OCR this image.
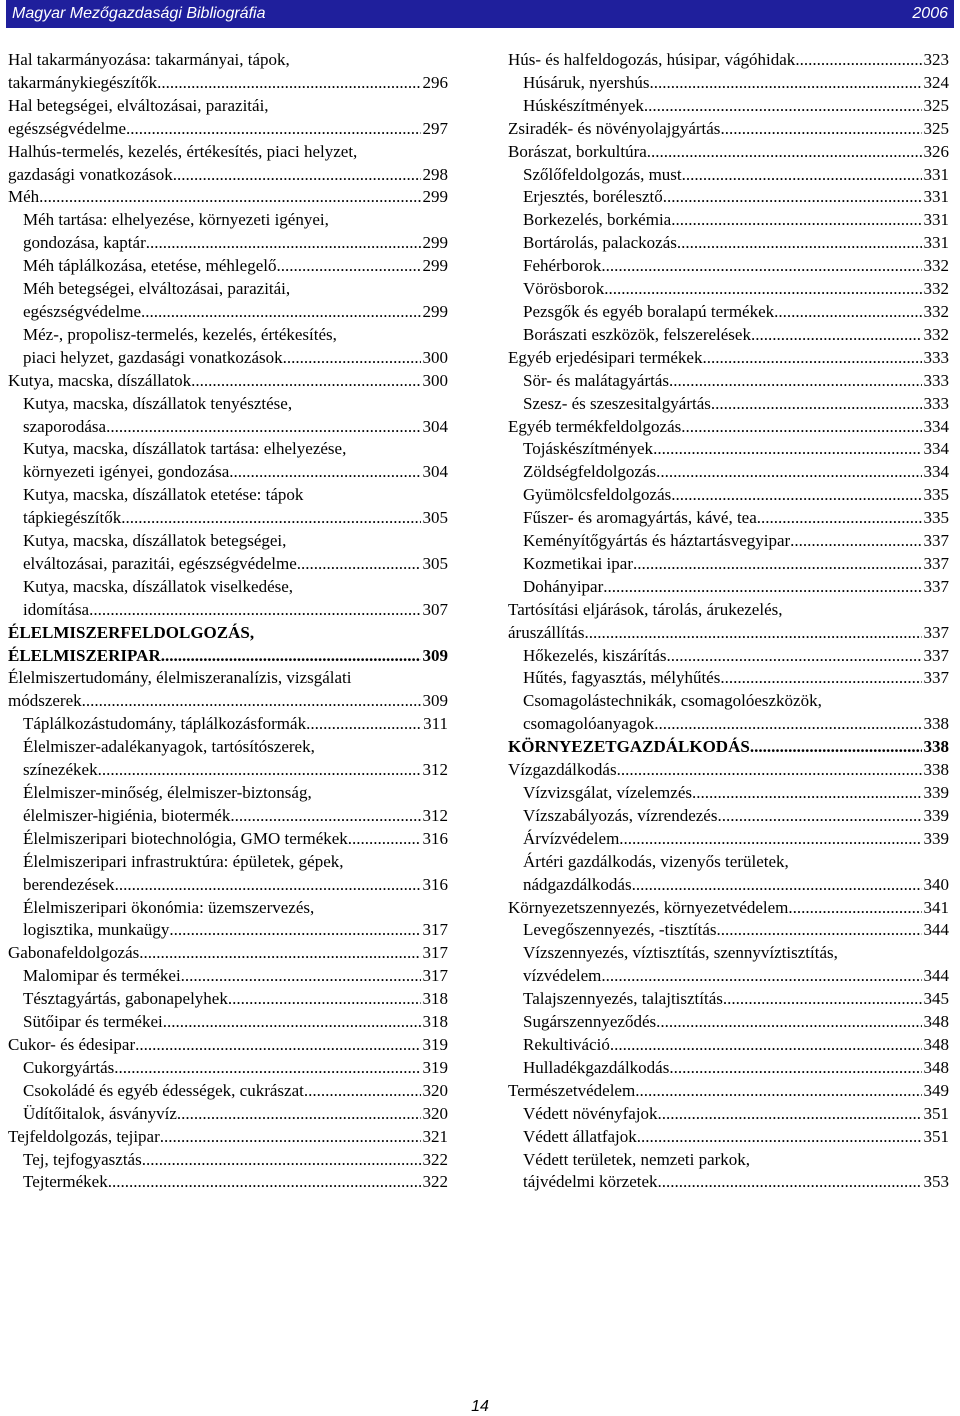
Magyar Mezőgazdasági Bibliográfia	2006
Hal takarmányozása: takarmányai, tápok,
takarmánykiegészítők .....	296
Hal betegségei, elváltozásai, parazitái,
egészségvédelme .....	297
Halhús-termelés, kezelés, értékesítés, piaci helyzet,
gazdasági vonatkozások .....	298
Méh .....	299
Méh tartása: elhelyezése, környezeti igényei,
gondozása, kaptár .....	299
Méh táplálkozása, etetése, méhlegelő .....	299
Méh betegségei, elváltozásai, parazitái,
egészségvédelme .....	299
Méz-, propolisz-termelés, kezelés, értékesítés,
piaci helyzet, gazdasági vonatkozások .....	300
Kutya, macska, díszállatok .....	300
Kutya, macska, díszállatok tenyésztése,
szaporodása .....	304
Kutya, macska, díszállatok tartása: elhelyezése,
környezeti igényei, gondozása .....	304
Kutya, macska, díszállatok etetése: tápok
tápkiegészítők .....	305
Kutya, macska, díszállatok betegségei,
elváltozásai, parazitái, egészségvédelme .....	305
Kutya, macska, díszállatok viselkedése,
idomítása .....	307
ÉLELMISZERFELDOLGOZÁS,
ÉLELMISZERIPAR .....	309
Élelmiszertudomány, élelmiszeranalízis, vizsgálati
módszerek .....	309
Táplálkozástudomány, táplálkozásformák .....	311
Élelmiszer-adalékanyagok, tartósítószerek,
színezékek .....	312
Élelmiszer-minőség, élelmiszer-biztonság,
élelmiszer-higiénia, biotermék .....	312
Élelmiszeripari biotechnológia, GMO termékek .....	316
Élelmiszeripari infrastruktúra: épületek, gépek,
berendezések .....	316
Élelmiszeripari ökonómia: üzemszervezés,
logisztika, munkaügy .....	317
Gabonafeldolgozás .....	317
Malomipar és termékei .....	317
Tésztagyártás, gabonapelyhek .....	318
Sütőipar és termékei .....	318
Cukor- és édesipar .....	319
Cukorgyártás .....	319
Csokoládé és egyéb édességek, cukrászat .....	320
Üdítőitalok, ásványvíz .....	320
Tejfeldolgozás, tejipar .....	321
Tej, tejfogyasztás .....	322
Tejtermékek .....	322
Hús- és halfeldogozás, húsipar, vágóhidak .....	323
Húsáruk, nyershús .....	324
Húskészítmények .....	325
Zsiradék- és növényolajgyártás .....	325
Borászat, borkultúra .....	326
Szőlőfeldolgozás, must .....	331
Erjesztés, borélesztő .....	331
Borkezelés, borkémia .....	331
Bortárolás, palackozás .....	331
Fehérborok .....	332
Vörösborok .....	332
Pezsgők és egyéb boralapú termékek .....	332
Borászati eszközök, felszerelések .....	332
Egyéb erjedésipari termékek .....	333
Sör- és malátagyártás .....	333
Szesz- és szeszesitalgyártás .....	333
Egyéb termékfeldolgozás .....	334
Tojáskészítmények .....	334
Zöldségfeldolgozás .....	334
Gyümölcsfeldolgozás .....	335
Fűszer- és aromagyártás, kávé, tea .....	335
Keményítőgyártás és háztartásvegyipar .....	337
Kozmetikai ipar .....	337
Dohányipar .....	337
Tartósítási eljárások, tárolás, árukezelés,
áruszállítás .....	337
Hőkezelés, kiszárítás .....	337
Hűtés, fagyasztás, mélyhűtés .....	337
Csomagolástechnikák, csomagolóeszközök,
csomagolóanyagok .....	338
KÖRNYEZETGAZDÁLKODÁS .....	338
Vízgazdálkodás .....	338
Vízvizsgálat, vízelemzés .....	339
Vízszabályozás, vízrendezés .....	339
Árvízvédelem .....	339
Ártéri gazdálkodás, vizenyős területek,
nádgazdálkodás .....	340
Környezetszennyezés, környezetvédelem .....	341
Levegőszennyezés, -tisztítás .....	344
Vízszennyezés, víztisztítás, szennyvíztisztítás,
vízvédelem .....	344
Talajszennyezés, talajtisztítás .....	345
Sugárszennyeződés .....	348
Rekultiváció .....	348
Hulladékgazdálkodás .....	348
Természetvédelem .....	349
Védett növényfajok .....	351
Védett állatfajok .....	351
Védett területek, nemzeti parkok,
tájvédelmi körzetek .....	353
14
